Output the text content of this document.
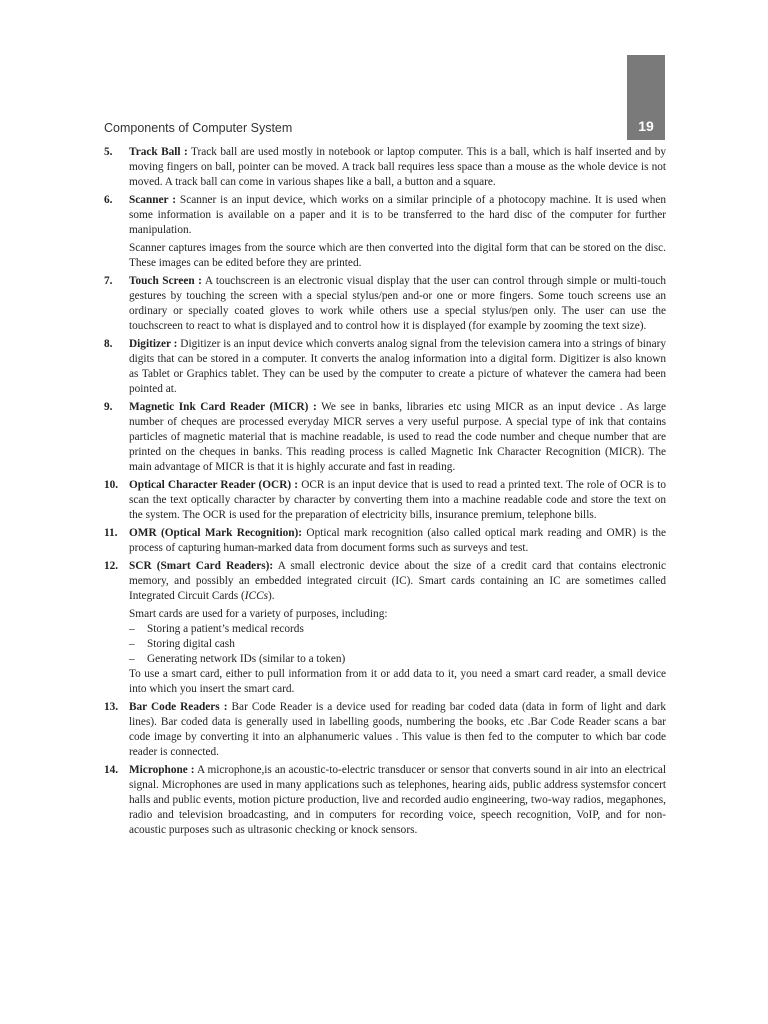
19
Components of Computer System
5.	Track Ball : Track ball are used mostly in notebook or laptop computer. This is a ball, which is half inserted and by moving fingers on ball, pointer can be moved. A track ball requires less space than a mouse as the whole device is not moved. A track ball can come in various shapes like a ball, a button and a square.
6.	Scanner : Scanner is an input device, which works on a similar principle of a photocopy machine. It is used when some information is available on a paper and it is to be transferred to the hard disc of the computer for further manipulation.
Scanner captures images from the source which are then converted into the digital form that can be stored on the disc. These images can be edited before they are printed.
7.	Touch Screen : A touchscreen is an electronic visual display that the user can control through simple or multi-touch gestures by touching the screen with a special stylus/pen and-or one or more fingers. Some touch screens use an ordinary or specially coated gloves to work while others use a special stylus/pen only. The user can use the touchscreen to react to what is displayed and to control how it is displayed (for example by zooming the text size).
8.	Digitizer : Digitizer is an input device which converts analog signal from the television camera into a strings of binary digits that can be stored in a computer. It converts the analog information into a digital form. Digitizer is also known as Tablet or Graphics tablet. They can be used by the computer to create a picture of whatever the camera had been pointed at.
9.	Magnetic Ink Card Reader (MICR) : We see in banks, libraries etc using MICR as an input device . As large number of cheques are processed everyday MICR serves a very useful purpose. A special type of ink that contains particles of magnetic material that is machine readable, is used to read the code number and cheque number that are printed on the cheques in banks. This reading process is called Magnetic Ink Character Recognition (MICR). The main advantage of MICR is that it is highly accurate and fast in reading.
10. Optical Character Reader (OCR) : OCR is an input device that is used to read a printed text. The role of OCR is to scan the text optically character by character by converting them into a machine readable code and store the text on the system. The OCR is used for the preparation of electricity bills, insurance premium, telephone bills.
11.	OMR (Optical Mark Recognition): Optical mark recognition (also called optical mark reading and OMR) is the process of capturing human-marked data from document forms such as surveys and test.
12. SCR (Smart Card Readers): A small electronic device about the size of a credit card that contains electronic memory, and possibly an embedded integrated circuit (IC). Smart cards containing an IC are sometimes called Integrated Circuit Cards (ICCs).
Smart cards are used for a variety of purposes, including:
–	Storing a patient’s medical records
–	Storing digital cash
–	Generating network IDs (similar to a token)
To use a smart card, either to pull information from it or add data to it, you need a smart card reader, a small device into which you insert the smart card.
13. Bar Code Readers : Bar Code Reader is a device used for reading bar coded data (data in form of light and dark lines). Bar coded data is generally used in labelling goods, numbering the books, etc .Bar Code Reader scans a bar code image by converting it into an alphanumeric values . This value is then fed to the computer to which bar code reader is connected.
14. Microphone : A microphone,is an acoustic-to-electric transducer or sensor that converts sound in air into an electrical signal. Microphones are used in many applications such as telephones, hearing aids, public address systemsfor concert halls and public events, motion picture production, live and recorded audio engineering, two-way radios, megaphones, radio and television broadcasting, and in computers for recording voice, speech recognition, VoIP, and for non-acoustic purposes such as ultrasonic checking or knock sensors.
